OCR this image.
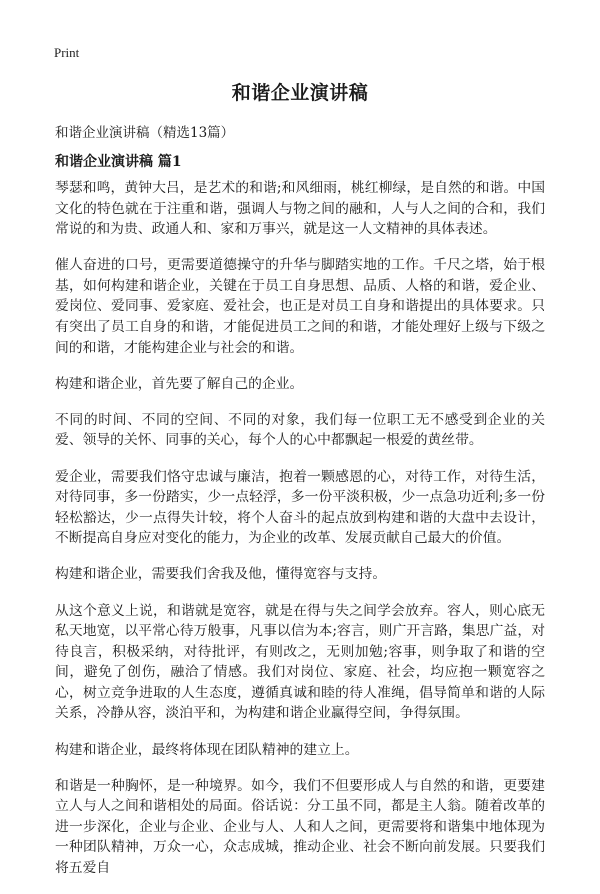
Print
和谐企业演讲稿
和谐企业演讲稿（精选13篇）
和谐企业演讲稿 篇1

琴瑟和鸣，黄钟大吕，是艺术的和谐;和风细雨，桃红柳绿，是自然的和谐。中国文化的特色就在于注重和谐，强调人与物之间的融和，人与人之间的合和，我们常说的和为贵、政通人和、家和万事兴，就是这一人文精神的具体表述。

催人奋进的口号，更需要道德操守的升华与脚踏实地的工作。千尺之塔，始于根基，如何构建和谐企业，关键在于员工自身思想、品质、人格的和谐，爱企业、爱岗位、爱同事、爱家庭、爱社会，也正是对员工自身和谐提出的具体要求。只有突出了员工自身的和谐，才能促进员工之间的和谐，才能处理好上级与下级之间的和谐，才能构建企业与社会的和谐。

构建和谐企业，首先要了解自己的企业。

不同的时间、不同的空间、不同的对象，我们每一位职工无不感受到企业的关爱、领导的关怀、同事的关心，每个人的心中都飘起一根爱的黄丝带。

爱企业，需要我们恪守忠诚与廉洁，抱着一颗感恩的心，对待工作，对待生活，对待同事，多一份踏实，少一点轻浮，多一份平淡积极，少一点急功近利;多一份轻松豁达，少一点得失计较，将个人奋斗的起点放到构建和谐的大盘中去设计，不断提高自身应对变化的能力，为企业的改革、发展贡献自己最大的价值。

构建和谐企业，需要我们舍我及他，懂得宽容与支持。

从这个意义上说，和谐就是宽容，就是在得与失之间学会放弃。容人，则心底无私天地宽，以平常心待万般事，凡事以信为本;容言，则广开言路，集思广益，对待良言，积极采纳，对待批评，有则改之，无则加勉;容事，则争取了和谐的空间，避免了创伤，融洽了情感。我们对岗位、家庭、社会，均应抱一颗宽容之心，树立竞争进取的人生态度，遵循真诚和睦的待人准绳，倡导简单和谐的人际关系，冷静从容，淡泊平和，为构建和谐企业赢得空间，争得氛围。

构建和谐企业，最终将体现在团队精神的建立上。

和谐是一种胸怀，是一种境界。如今，我们不但要形成人与自然的和谐，更要建立人与人之间和谐相处的局面。俗话说：分工虽不同，都是主人翁。随着改革的进一步深化，企业与企业、企业与人、人和人之间，更需要将和谐集中地体现为一种团队精神，万众一心，众志成城，推动企业、社会不断向前发展。只要我们将五爱自
